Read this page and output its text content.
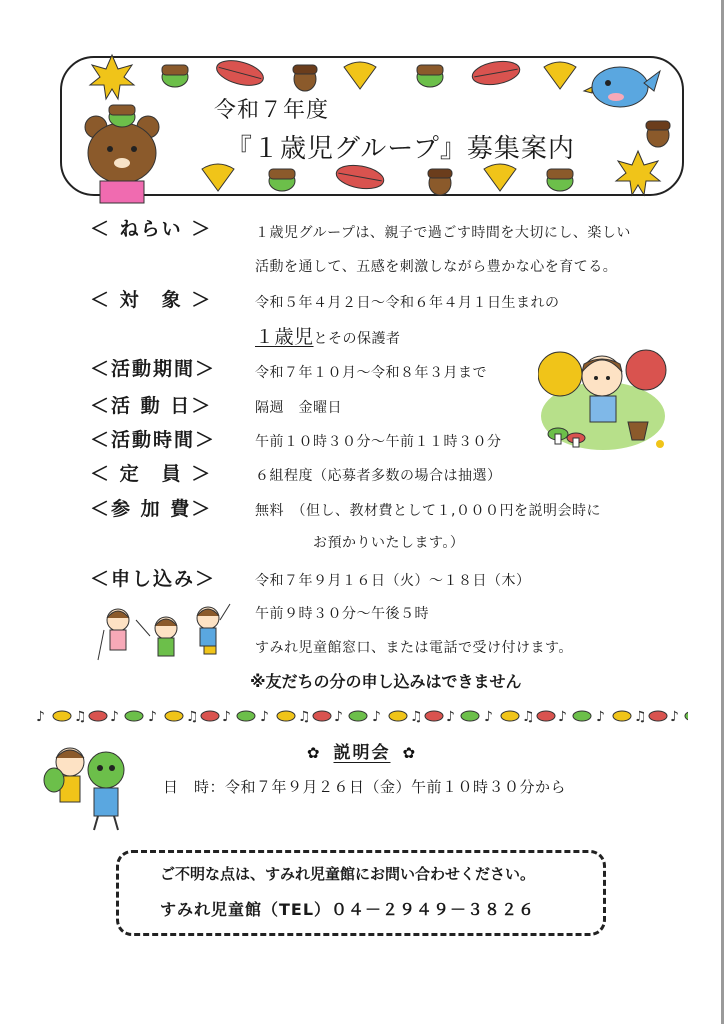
令和７年度
『１歳児グループ』募集案内
＜ ねらい ＞	１歳児グループは、親子で過ごす時間を大切にし、楽しい
活動を通して、五感を刺激しながら豊かな心を育てる。
＜ 対　象 ＞	令和５年４月２日～令和６年４月１日生まれの
１歳児とその保護者
＜活動期間＞	令和７年１０月～令和８年３月まで
＜活 動 日＞	隔週　金曜日
＜活動時間＞	午前１０時３０分～午前１１時３０分
＜ 定　員 ＞	６組程度（応募者多数の場合は抽選）
＜参 加 費＞	無料　（但し、教材費として１,０００円を説明会時に
お預かりいたします。）
＜申し込み＞	令和７年９月１６日（火）～１８日（木）
午前９時３０分～午後５時
すみれ児童館窓口、または電話で受け付けます。
※友だちの分の申し込みはできません
♪ ♫ ♪
✿ 説明会 ✿
日　時：令和７年９月２６日（金）午前１０時３０分から
ご不明な点は、すみれ児童館にお問い合わせください。
すみれ児童館（TEL）０４－２９４９－３８２６
